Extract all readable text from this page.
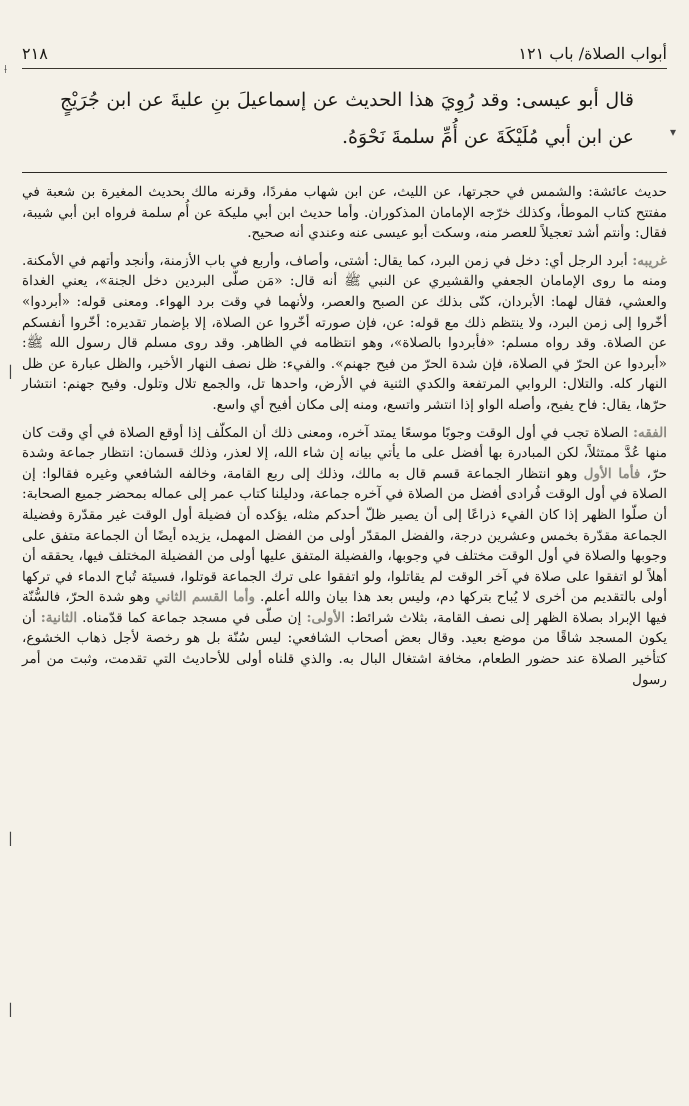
أبواب الصلاة/ باب ١٢١
٢١٨

قال أبو عيسى: وقد رُوِيَ هذا الحديث عن إسماعيلَ بنِ عليةَ عن ابن جُرَيْجٍ عن ابن أبي مُلَيْكَةَ عن أُمِّ سلمةَ نَحْوَهُ.

حديث عائشة: والشمس في حجرتها، عن الليث، عن ابن شهاب مفردًا، وقرنه مالك بحديث المغيرة بن شعبة في مفتتح كتاب الموطأ، وكذلك خرّجه الإمامان المذكوران. وأما حديث ابن أبي مليكة عن أُم سلمة فرواه ابن أبي شيبة، فقال: وأنتم أشد تعجيلاً للعصر منه، وسكت أبو عيسى عنه وعندي أنه صحيح.

غريبه: أبرد الرجل أي: دخل في زمن البرد، كما يقال: أشتى، وأصاف، وأربع في باب الأزمنة، وأنجد وأتهم في الأمكنة. ومنه ما روى الإمامان الجعفي والقشيري عن النبي ﷺ أنه قال: «مَن صلّى البردين دخل الجنة»، يعني الغداة والعشي، فقال لهما: الأبردان، كنّى بذلك عن الصبح والعصر، ولأنهما في وقت برد الهواء. ومعنى قوله: «أبردوا» أخّروا إلى زمن البرد، ولا ينتظم ذلك مع قوله: عن، فإن صورته أخّروا عن الصلاة، إلا بإضمار تقديره: أخّروا أنفسكم عن الصلاة. وقد رواه مسلم: «فأبردوا بالصلاة»، وهو انتظامه في الظاهر. وقد روى مسلم قال رسول الله ﷺ: «أبردوا عن الحرّ في الصلاة، فإن شدة الحرّ من فيح جهنم». والفيء: ظل نصف النهار الأخير، والظل عبارة عن ظل النهار كله. والتلال: الروابي المرتفعة والكدي الثنية في الأرض، واحدها تل، والجمع تلال وتلول. وفيح جهنم: انتشار حرّها، يقال: فاح يفيح، وأصله الواو إذا انتشر واتسع، ومنه إلى مكان أفيح أي واسع.

الفقه: الصلاة تجب في أول الوقت وجوبًا موسعًا يمتد آخره، ومعنى ذلك أن المكلّف إذا أوقع الصلاة في أي وقت كان منها عُدَّ ممتثلاً، لكن المبادرة بها أفضل على ما يأتي بيانه إن شاء الله، إلا لعذر، وذلك قسمان: انتظار جماعة وشدة حرّ، فأما الأول وهو انتظار الجماعة قسم قال به مالك، وذلك إلى ربع القامة، وخالفه الشافعي وغيره فقالوا: إن الصلاة في أول الوقت فُرادى أفضل من الصلاة في آخره جماعة، ودليلنا كتاب عمر إلى عماله بمحضر جميع الصحابة: أن صلّوا الظهر إذا كان الفيء ذراعًا إلى أن يصير ظلّ أحدكم مثله، يؤكده أن فضيلة أول الوقت غير مقدّرة وفضيلة الجماعة مقدّرة بخمس وعشرين درجة، والفضل المقدّر أولى من الفضل المهمل، يزيده أيضًا أن الجماعة متفق على وجوبها والصلاة في أول الوقت مختلف في وجوبها، والفضيلة المتفق عليها أولى من الفضيلة المختلف فيها، يحققه أن أهلاً لو اتفقوا على صلاة في آخر الوقت لم يقاتلوا، ولو اتفقوا على ترك الجماعة قوتلوا، فسيئة تُباح الدماء في تركها أولى بالتقديم من أخرى لا يُباح بتركها دم، وليس بعد هذا بيان والله أعلم. وأما القسم الثاني وهو شدة الحرّ، فالسُّنّة فيها الإبراد بصلاة الظهر إلى نصف القامة، بثلاث شرائط: الأولى: إن صلّى في مسجد جماعة كما قدّمناه. الثانية: أن يكون المسجد شاقًا من موضع بعيد. وقال بعض أصحاب الشافعي: ليس سُنّة بل هو رخصة لأجل ذهاب الخشوع، كتأخير الصلاة عند حضور الطعام، مخافة اشتغال البال به. والذي قلناه أولى للأحاديث التي تقدمت، وثبت من أمر رسول

⟊
▾
▏
▏
▏
